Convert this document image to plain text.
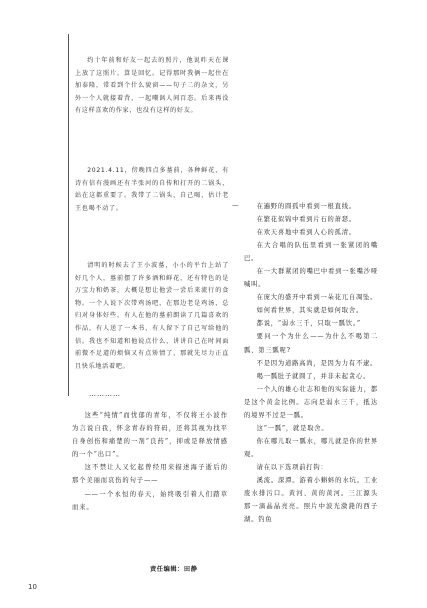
约十年前和好友一起去的照片，他说昨天在课上放了这照片，算是回忆。记得那时我俩一起住在加泰隆，常看到个什么貌窗——句子二的杂文，另外一个人就接着背，一起嘲讽人间百态。后来再没有这样喜欢的作家，也没有这样的好友。

2021.4.11，傍晚四点多墓前，各种鲜花，有诗有信有漫画还有半张河的自传和打开的二锅头，站在这都重要了。我带了二锅头，自己喝，估计老王也喝不动了。

清明的时候去了王小波墓，小小的平台上站了好几个人，墓前摆了许多酒和鲜花，还有特色的是万宝力和奶茶，大概是想让他尝一尝后来流行的食物。一个人说下次带鸡汤吧，在那边老是鸡汤，总归对身体好些。有人在他的墓前朗读了几篇喜欢的作品，有人送了一本书，有人留下了自己写给他的信。我也不知道和他说点什么，讲讲自己在时间面前微不足道的烦恼又有点矫情了，那就先尽力正直且快乐地活着吧。

…………

这些“纯情”而忧郁的青年，不仅将王小波作为言说自我，怀念青春的符码，还将其视为找平自身创伤和痛楚的一剂“良药”，抑或是释放情感的一个“出口”。

这不禁让人又忆起曾经用来描述海子逝后的那个美丽而哀伤的句子——

——一个永恒的春天，始终吸引着人们踏草而来。

责任编辑：田静
—	在遍野的圆孤中看到一根直线。

在繁花似锦中看到片石的萧瑟。

在欢天喜地中看到人心的孤清。

在大合唱的队伍里看到一张紧闭的嘴巴。

在一大群紧闭的嘴巴中看到一张嘴沙哑喊叫。

在庞大的盛开中看到一朵花兀自凋坠。

如何看世界，其实就是如何取舍。

都说，“弱水三千，只取一瓢饮。”

要问一个为什么——为什么不喝第二瓢、第三瓢呢?

不是因为道路高尚，是因为力有不逮。

喝一瓢肚子就圆了，并非未起贪心。

一个人的雄心壮志和他的实际能力，都是这个黄金比例。志向是弱水三千，抵达的境界不过是一瓢。

这“一瓢”，就是取舍。

你在哪儿取一瓢水，哪儿就是你的世界观。

请在以下选项前打钩：

溪流。深潭。游着小蝌蚪的水坑。工业废水排污口。黄河、黄的黄河。三江源头那一滴晶晶亮亮。照片中波光潋滟的西子湖。钓鱼

10
